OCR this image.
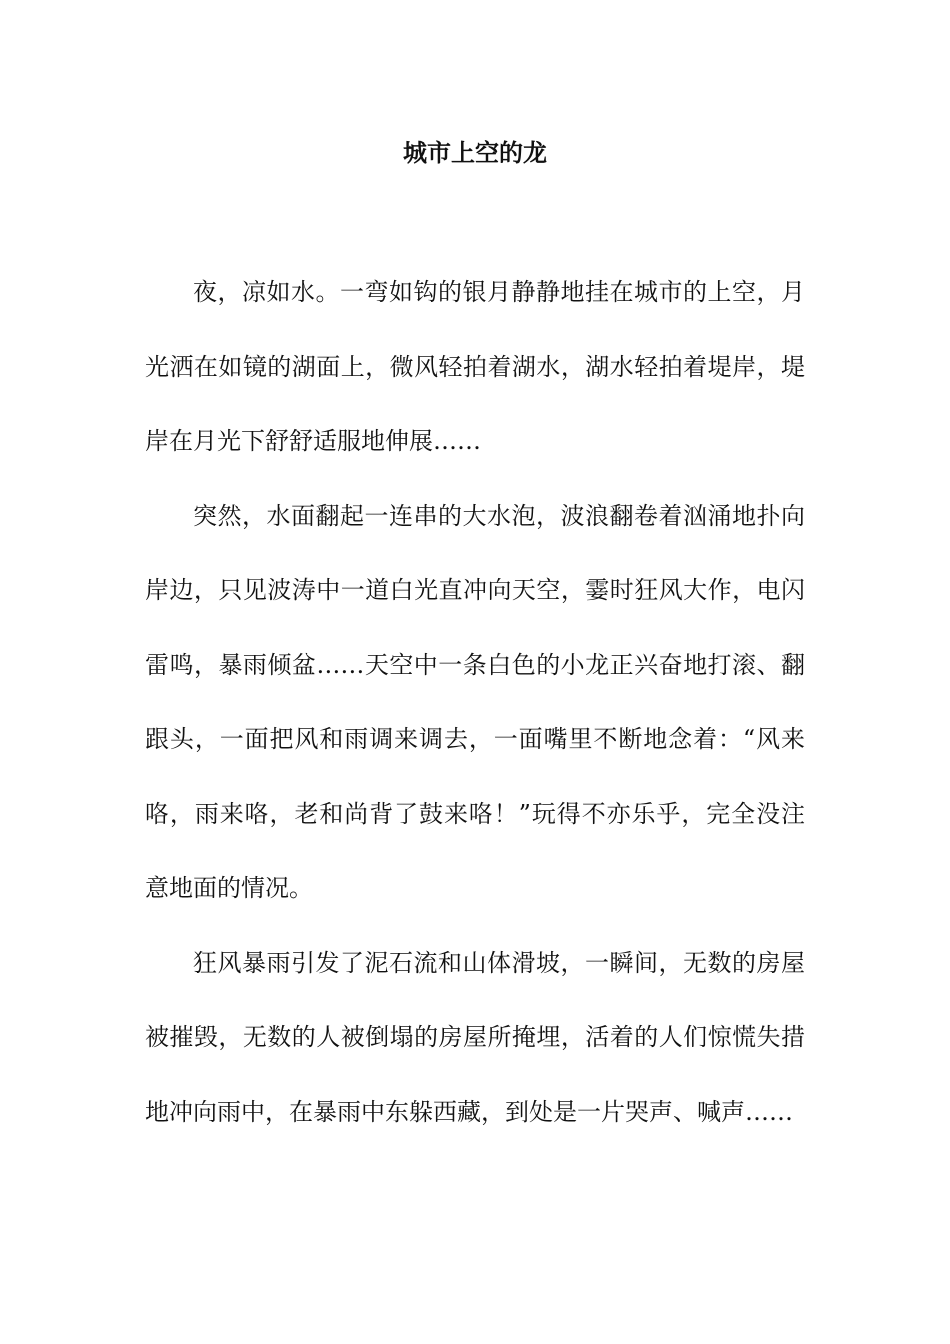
城市上空的龙

夜，凉如水。一弯如钩的银月静静地挂在城市的上空，月光洒在如镜的湖面上，微风轻拍着湖水，湖水轻拍着堤岸，堤岸在月光下舒舒适服地伸展……

突然，水面翻起一连串的大水泡，波浪翻卷着汹涌地扑向岸边，只见波涛中一道白光直冲向天空，霎时狂风大作，电闪雷鸣，暴雨倾盆……天空中一条白色的小龙正兴奋地打滚、翻跟头，一面把风和雨调来调去，一面嘴里不断地念着：“风来咯，雨来咯，老和尚背了鼓来咯！”玩得不亦乐乎，完全没注意地面的情况。

狂风暴雨引发了泥石流和山体滑坡，一瞬间，无数的房屋被摧毁，无数的人被倒塌的房屋所掩埋，活着的人们惊慌失措地冲向雨中，在暴雨中东躲西藏，到处是一片哭声、喊声……
